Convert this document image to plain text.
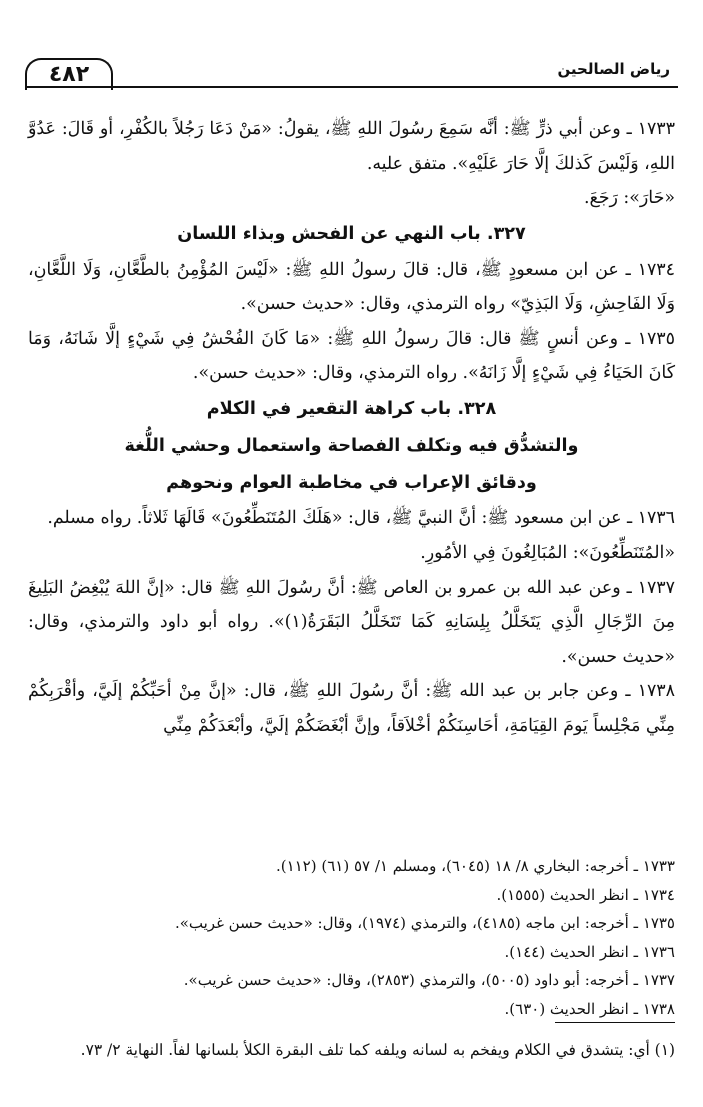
٤٨٢	رياض الصالحين

١٧٣٣ ـ وعن أبي ذرٍّ ﷺ: أنَّه سَمِعَ رسُولَ اللهِ ﷺ، يقولُ: «مَنْ دَعَا رَجُلاً بالكُفْرِ، أو قَالَ: عَدُوَّ اللهِ، وَلَيْسَ كَذلكَ إلَّا حَارَ عَلَيْهِ». متفق عليه.

«حَارَ»: رَجَعَ.

٣٢٧. باب النهي عن الفحش وبذاء اللسان

١٧٣٤ ـ عن ابن مسعودٍ ﷺ، قال: قالَ رسولُ اللهِ ﷺ: «لَيْسَ المُؤْمِنُ بالطَّعَّانِ، وَلَا اللَّعَّانِ، وَلَا الفَاحِشِ، وَلَا البَذِيّ» رواه الترمذي، وقال: «حديث حسن».

١٧٣٥ ـ وعن أنسٍ ﷺ قال: قالَ رسولُ اللهِ ﷺ: «مَا كَانَ الفُحْشُ فِي شَيْءٍ إلَّا شَانَهُ، وَمَا كَانَ الحَيَاءُ فِي شَيْءٍ إلَّا زَانَهُ». رواه الترمذي، وقال: «حديث حسن».

٣٢٨. باب كراهة التقعير في الكلام

والتشدُّق فيه وتكلف الفصاحة واستعمال وحشي اللُّغة

ودقائق الإعراب في مخاطبة العوام ونحوهم

١٧٣٦ ـ عن ابن مسعود ﷺ: أنَّ النبيَّ ﷺ، قال: «هَلَكَ المُتَنَطِّعُونَ» قَالَهَا ثَلاثاً. رواه مسلم.

«المُتَنَطِّعُونَ»: المُبَالِغُونَ فِي الأمُورِ.

١٧٣٧ ـ وعن عبد الله بن عمرو بن العاص ﷺ: أنَّ رسُولَ اللهِ ﷺ قال: «إنَّ اللهَ يُبْغِضُ البَلِيغَ مِنَ الرِّجَالِ الَّذِي يَتَخَلَّلُ بِلِسَانِهِ كَمَا تَتَخَلَّلُ البَقَرَةُ(١)». رواه أبو داود والترمذي، وقال: «حديث حسن».

١٧٣٨ ـ وعن جابر بن عبد الله ﷺ: أنَّ رسُولَ اللهِ ﷺ، قال: «إنَّ مِنْ أحَبِّكُمْ إلَيَّ، وأقْرَبِكُمْ مِنِّي مَجْلِساً يَومَ القِيَامَةِ، أحَاسِنَكُمْ أخْلاَقاً، وإنَّ أبْغَضَكُمْ إلَيَّ، وأبْعَدَكُمْ مِنِّي

١٧٣٣ ـ أخرجه: البخاري ٨/ ١٨ (٦٠٤٥)، ومسلم ١/ ٥٧ (٦١) (١١٢).

١٧٣٤ ـ انظر الحديث (١٥٥٥).

١٧٣٥ ـ أخرجه: ابن ماجه (٤١٨٥)، والترمذي (١٩٧٤)، وقال: «حديث حسن غريب».

١٧٣٦ ـ انظر الحديث (١٤٤).

١٧٣٧ ـ أخرجه: أبو داود (٥٠٠٥)، والترمذي (٢٨٥٣)، وقال: «حديث حسن غريب».

١٧٣٨ ـ انظر الحديث (٦٣٠).

(١) أي: يتشدق في الكلام ويفخم به لسانه ويلفه كما تلف البقرة الكلأ بلسانها لفاً. النهاية ٢/ ٧٣.
